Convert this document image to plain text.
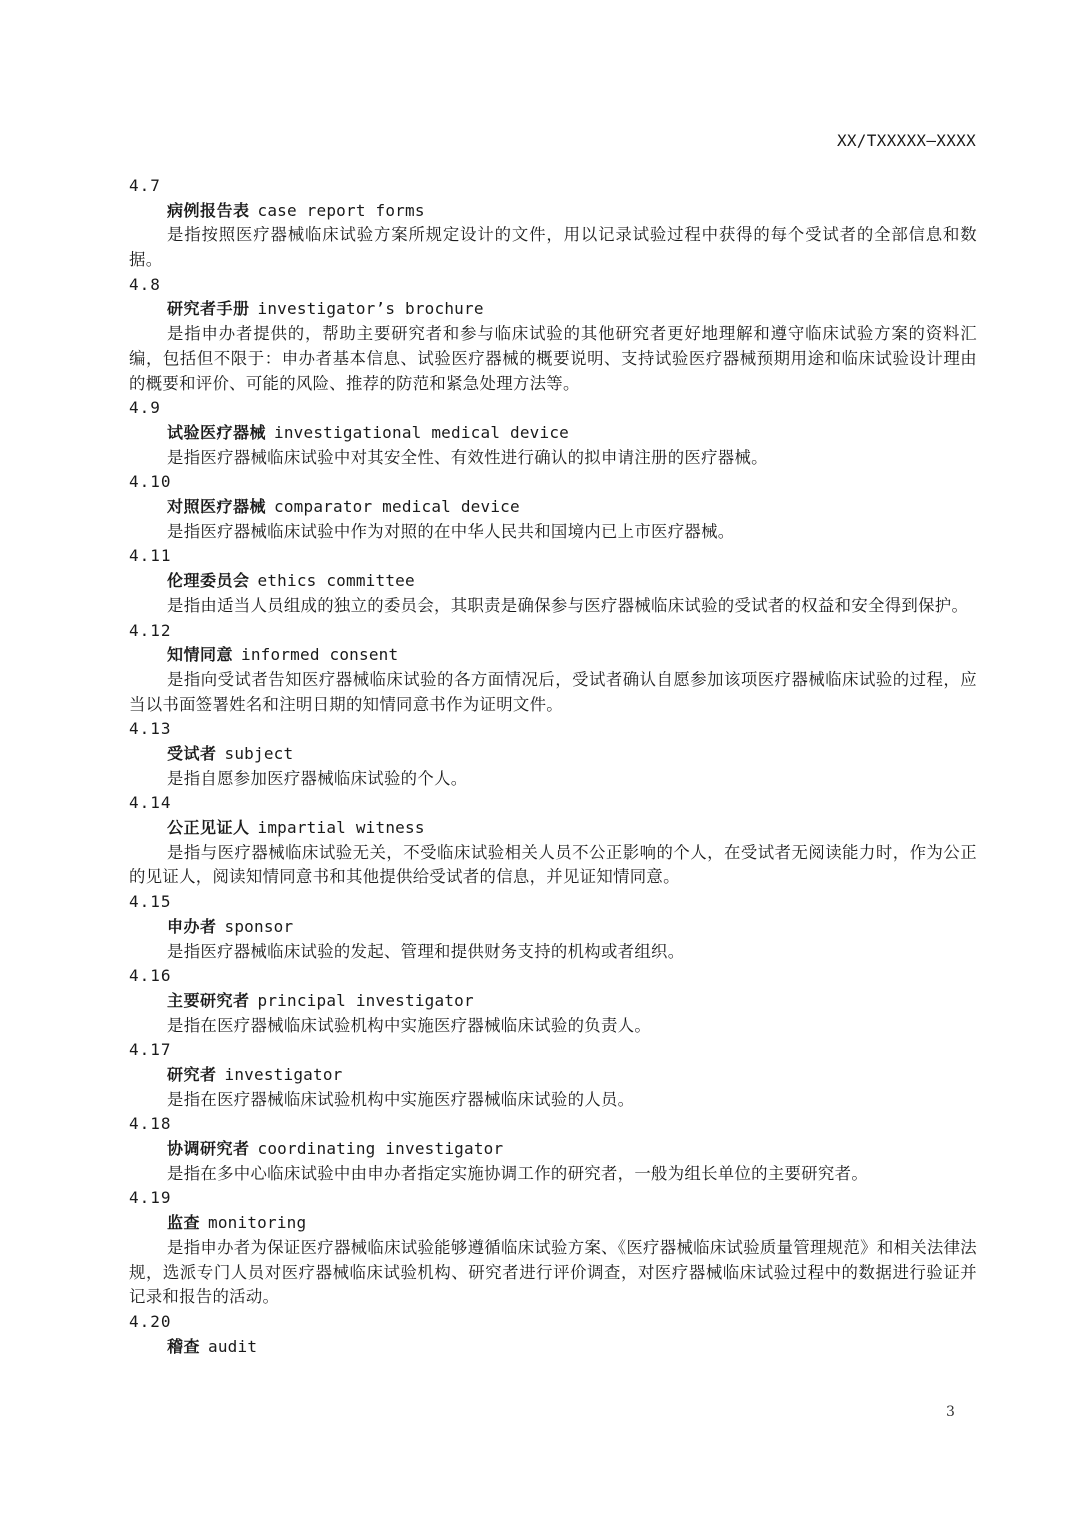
XX/TXXXXX—XXXX
4.7
病例报告表 case report forms
是指按照医疗器械临床试验方案所规定设计的文件，用以记录试验过程中获得的每个受试者的全部信息和数据。
4.8
研究者手册 investigator’s brochure
是指申办者提供的，帮助主要研究者和参与临床试验的其他研究者更好地理解和遵守临床试验方案的资料汇编，包括但不限于：申办者基本信息、试验医疗器械的概要说明、支持试验医疗器械预期用途和临床试验设计理由的概要和评价、可能的风险、推荐的防范和紧急处理方法等。
4.9
试验医疗器械 investigational medical device
是指医疗器械临床试验中对其安全性、有效性进行确认的拟申请注册的医疗器械。
4.10
对照医疗器械 comparator medical device
是指医疗器械临床试验中作为对照的在中华人民共和国境内已上市医疗器械。
4.11
伦理委员会 ethics committee
是指由适当人员组成的独立的委员会，其职责是确保参与医疗器械临床试验的受试者的权益和安全得到保护。
4.12
知情同意 informed consent
是指向受试者告知医疗器械临床试验的各方面情况后，受试者确认自愿参加该项医疗器械临床试验的过程，应当以书面签署姓名和注明日期的知情同意书作为证明文件。
4.13
受试者 subject
是指自愿参加医疗器械临床试验的个人。
4.14
公正见证人 impartial witness
是指与医疗器械临床试验无关，不受临床试验相关人员不公正影响的个人，在受试者无阅读能力时，作为公正的见证人，阅读知情同意书和其他提供给受试者的信息，并见证知情同意。
4.15
申办者 sponsor
是指医疗器械临床试验的发起、管理和提供财务支持的机构或者组织。
4.16
主要研究者 principal investigator
是指在医疗器械临床试验机构中实施医疗器械临床试验的负责人。
4.17
研究者 investigator
是指在医疗器械临床试验机构中实施医疗器械临床试验的人员。
4.18
协调研究者 coordinating investigator
是指在多中心临床试验中由申办者指定实施协调工作的研究者，一般为组长单位的主要研究者。
4.19
监查 monitoring
是指申办者为保证医疗器械临床试验能够遵循临床试验方案、《医疗器械临床试验质量管理规范》和相关法律法规，选派专门人员对医疗器械临床试验机构、研究者进行评价调查，对医疗器械临床试验过程中的数据进行验证并记录和报告的活动。
4.20
稽查 audit
3
